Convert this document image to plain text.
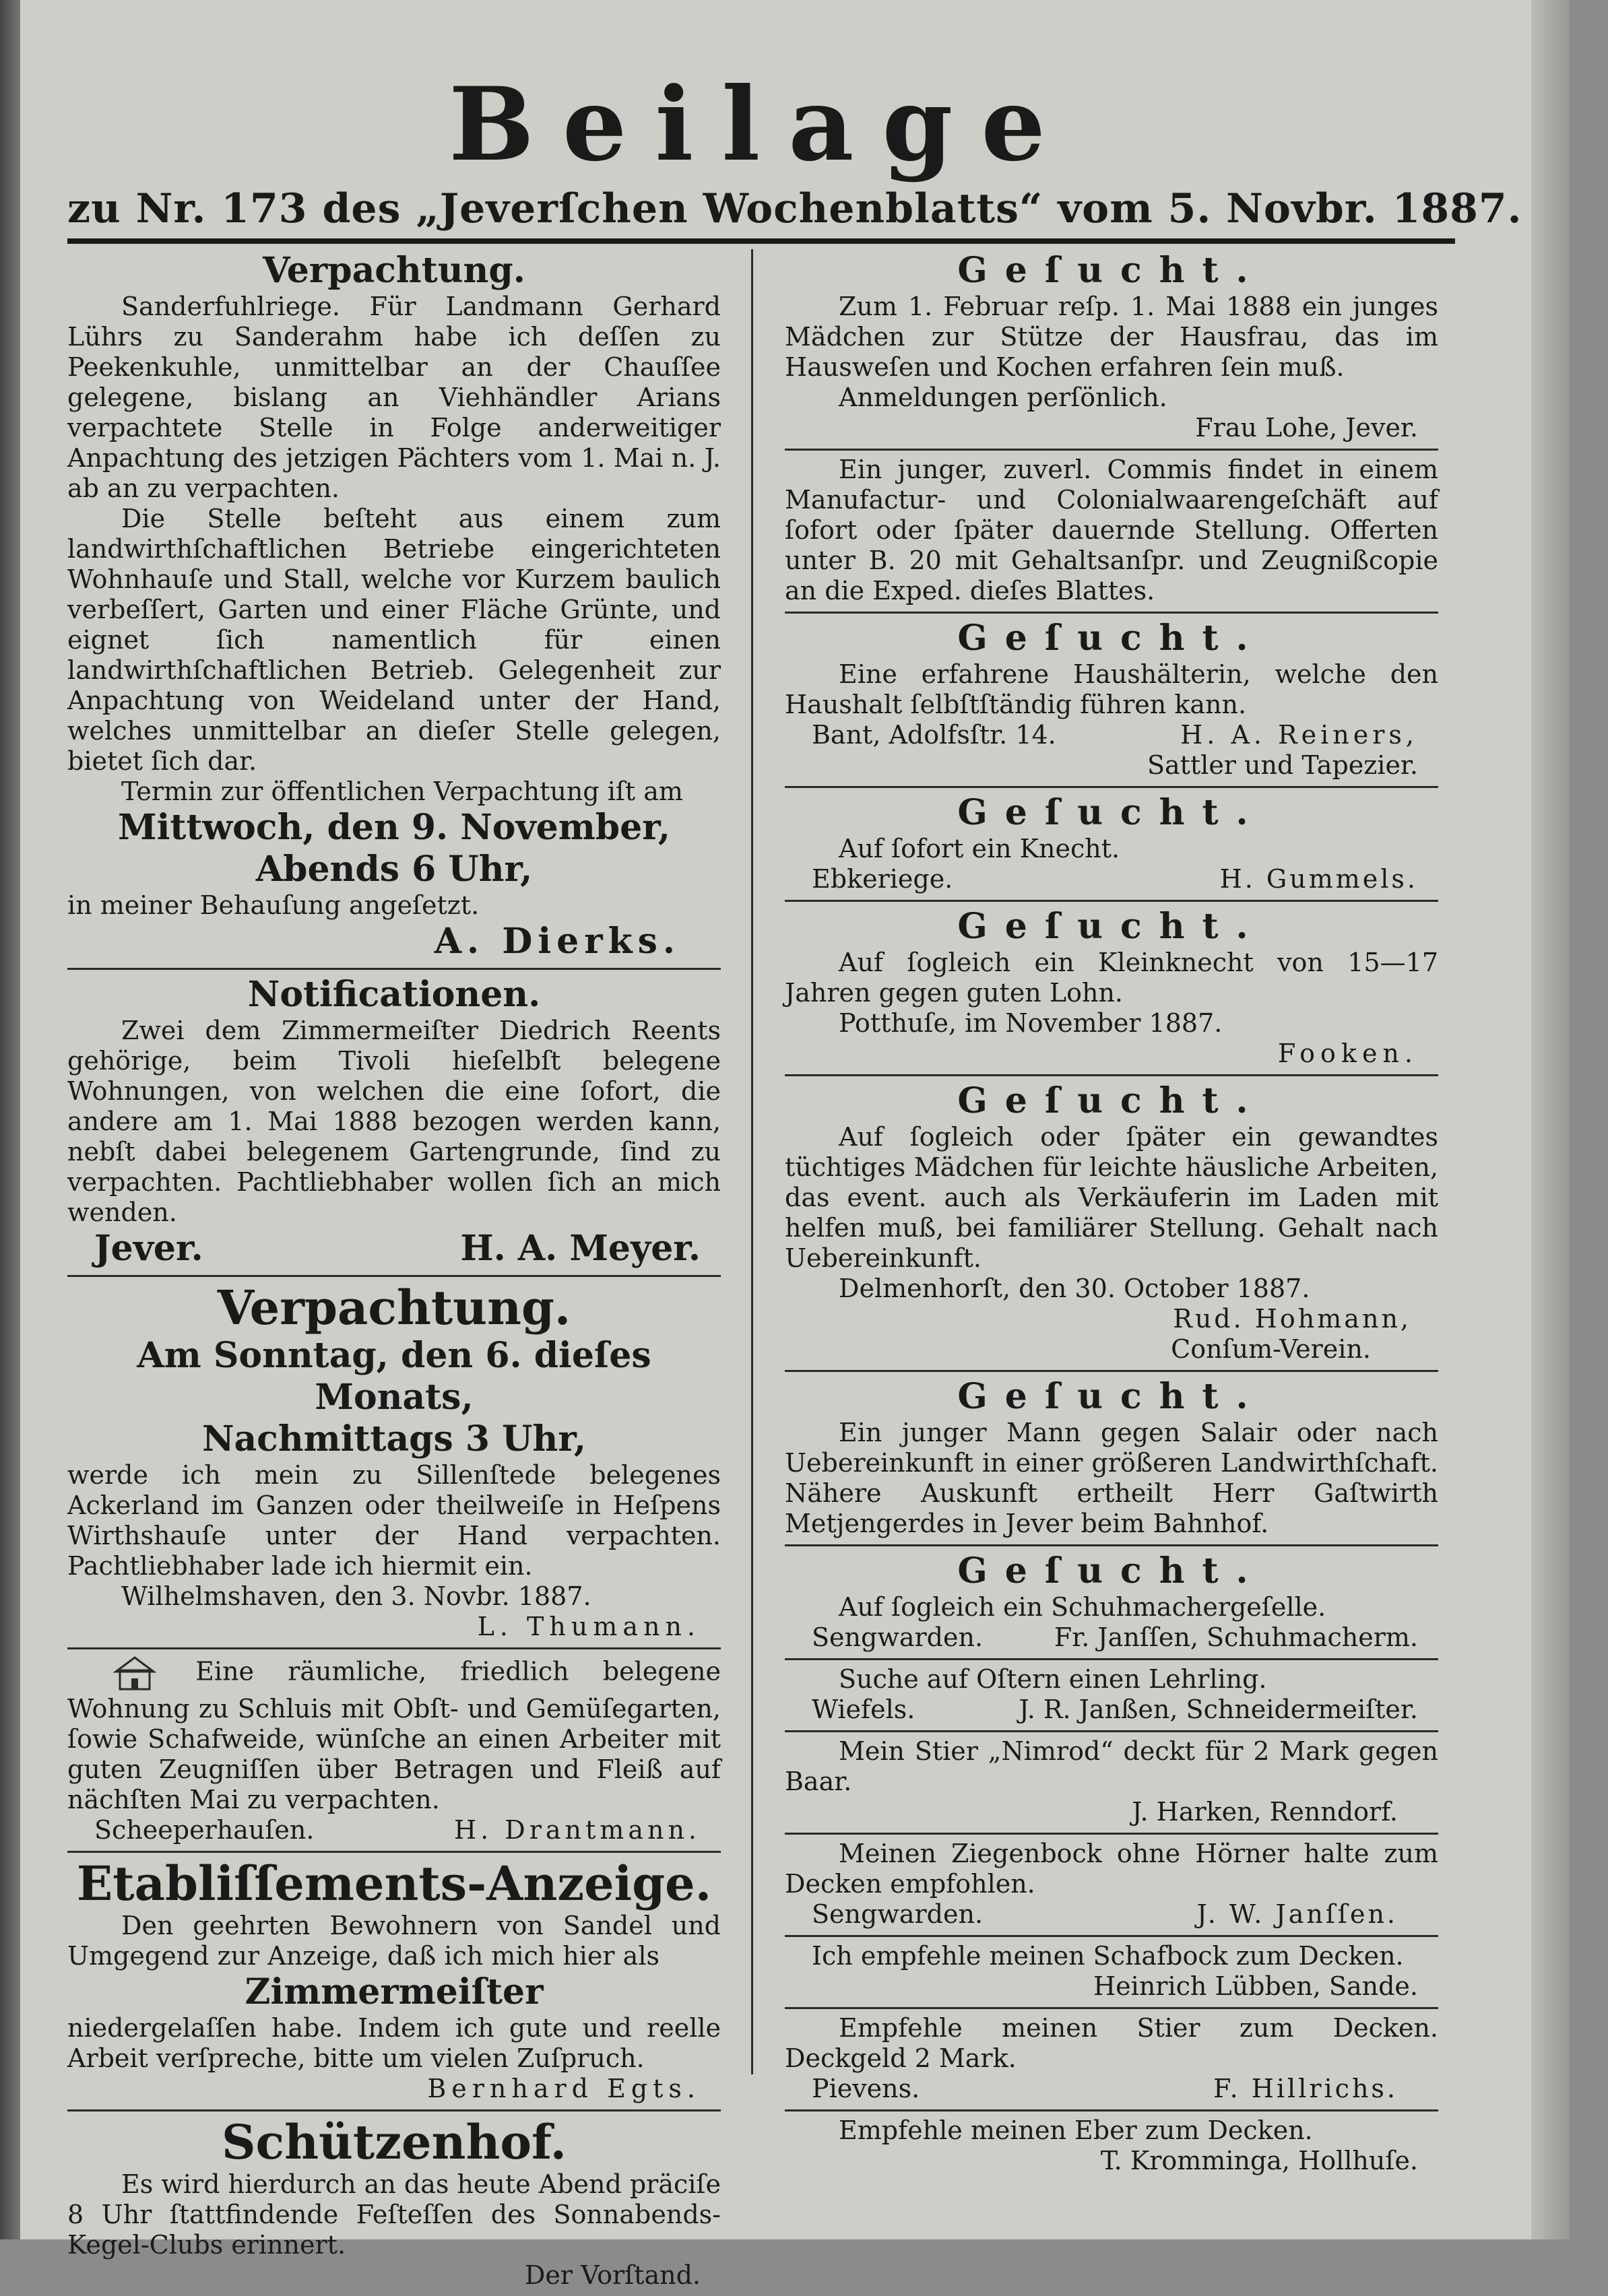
Beilage
zu Nr. 173 des „Jeverſchen Wochenblatts“ vom 5. Novbr. 1887.
Verpachtung.

Sanderfuhlriege. Für Landmann Gerhard Lührs zu Sanderahm habe ich deſſen zu Peekenkuhle, unmittelbar an der Chauſſee gelegene, bislang an Viehhändler Arians verpachtete Stelle in Folge anderweitiger Anpachtung des jetzigen Pächters vom 1. Mai n. J. ab an zu verpachten.

Die Stelle beſteht aus einem zum landwirthſchaftlichen Betriebe eingerichteten Wohnhauſe und Stall, welche vor Kurzem baulich verbeſſert, Garten und einer Fläche Grünte, und eignet ſich namentlich für einen landwirthſchaftlichen Betrieb. Gelegenheit zur Anpachtung von Weideland unter der Hand, welches unmittelbar an dieſer Stelle gelegen, bietet ſich dar.

Termin zur öffentlichen Verpachtung iſt am

Mittwoch, den 9. November,
Abends 6 Uhr,

in meiner Behauſung angeſetzt.

A. Dierks.
Notificationen.

Zwei dem Zimmermeiſter Diedrich Reents gehörige, beim Tivoli hieſelbſt belegene Wohnungen, von welchen die eine ſofort, die andere am 1. Mai 1888 bezogen werden kann, nebſt dabei belegenem Gartengrunde, ſind zu verpachten. Pachtliebhaber wollen ſich an mich wenden.

Jever.	H. A. Meyer.
Verpachtung.
Am Sonntag, den 6. dieſes Monats,
Nachmittags 3 Uhr,

werde ich mein zu Sillenſtede belegenes Ackerland im Ganzen oder theilweiſe in Heſpens Wirthshauſe unter der Hand verpachten. Pachtliebhaber lade ich hiermit ein.

Wilhelmshaven, den 3. Novbr. 1887.

L. Thumann.

Eine räumliche, friedlich belegene Wohnung zu Schluis mit Obſt- und Gemüſegarten, ſowie Schafweide, wünſche an einen Arbeiter mit guten Zeugniſſen über Betragen und Fleiß auf nächſten Mai zu verpachten.

Scheeperhauſen.	H. Drantmann.
Etabliſſements-Anzeige.

Den geehrten Bewohnern von Sandel und Umgegend zur Anzeige, daß ich mich hier als

Zimmermeiſter

niedergelaſſen habe. Indem ich gute und reelle Arbeit verſpreche, bitte um vielen Zuſpruch.

Bernhard Egts.
Schützenhof.

Es wird hierdurch an das heute Abend präciſe 8 Uhr ſtattfindende Feſteſſen des Sonnabends-Kegel-Clubs erinnert.

Der Vorſtand.
Geſucht.

Zum 1. Februar reſp. 1. Mai 1888 ein junges Mädchen zur Stütze der Hausfrau, das im Hausweſen und Kochen erfahren ſein muß.

Anmeldungen perſönlich.

Frau Lohe, Jever.

Ein junger, zuverl. Commis findet in einem Manufactur- und Colonialwaarengeſchäft auf ſofort oder ſpäter dauernde Stellung. Offerten unter B. 20 mit Gehaltsanſpr. und Zeugnißcopie an die Exped. dieſes Blattes.

Geſucht.

Eine erfahrene Haushälterin, welche den Haushalt ſelbſtſtändig führen kann.

Bant, Adolfsſtr. 14.	H. A. Reiners,
Sattler und Tapezier.
Geſucht.

Auf ſofort ein Knecht.

Ebkeriege.	H. Gummels.
Geſucht.

Auf ſogleich ein Kleinknecht von 15—17 Jahren gegen guten Lohn.

Potthuſe, im November 1887.

Fooken.
Geſucht.

Auf ſogleich oder ſpäter ein gewandtes tüchtiges Mädchen für leichte häusliche Arbeiten, das event. auch als Verkäuferin im Laden mit helfen muß, bei familiärer Stellung. Gehalt nach Uebereinkunft.

Delmenhorſt, den 30. October 1887.

Rud. Hohmann,
Conſum-Verein.
Geſucht.

Ein junger Mann gegen Salair oder nach Uebereinkunft in einer größeren Landwirthſchaft. Nähere Auskunft ertheilt Herr Gaſtwirth Metjengerdes in Jever beim Bahnhof.

Geſucht.

Auf ſogleich ein Schuhmachergeſelle.

Sengwarden.	Fr. Janſſen, Schuhmacherm.

Suche auf Oſtern einen Lehrling.

Wiefels.	J. R. Janßen, Schneidermeiſter.

Mein Stier „Nimrod“ deckt für 2 Mark gegen Baar.

J. Harken, Renndorf.

Meinen Ziegenbock ohne Hörner halte zum Decken empfohlen.

Sengwarden.	J. W. Janſſen.

Ich empfehle meinen Schafbock zum Decken.

Heinrich Lübben, Sande.

Empfehle meinen Stier zum Decken. Deckgeld 2 Mark.

Pievens.	F. Hillrichs.

Empfehle meinen Eber zum Decken.

T. Kromminga, Hollhuſe.
